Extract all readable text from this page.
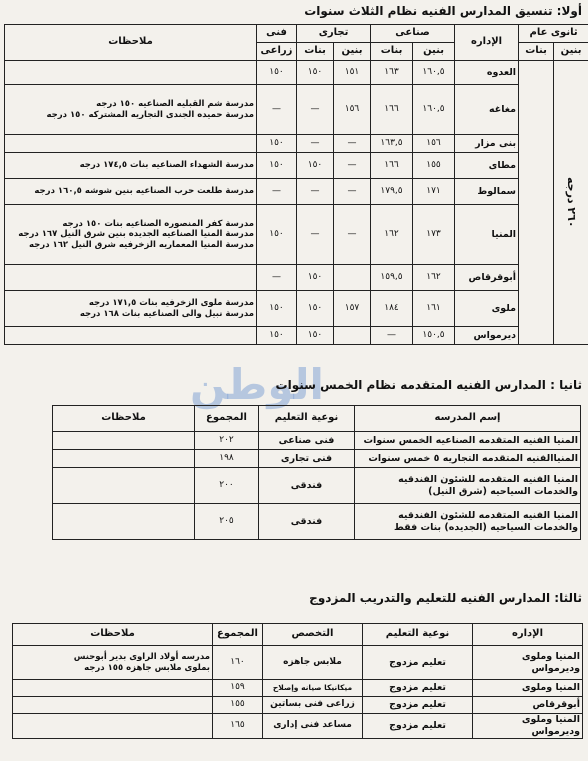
أولا: تنسيق المدارس الفنيه نظام الثلاث سنوات
ثانوى عام		الإداره	صناعى		تجارى		فنى	ملاحظات
بنين	بنات		بنين	بنات	بنين	بنات	زراعى	
٢٦٠ درجه		العدوه	١٦٠,٥	١٦٣	١٥١	١٥٠	١٥٠	
		مغاغه	١٦٠,٥	١٦٦	١٥٦	—	—	مدرسة شم القبليه الصناعيه ١٥٠ درجه
مدرسة حميده الجندى التجاريه المشتركه ١٥٠ درجه
		بنى مزار	١٥٦	١٦٣,٥	—	—	١٥٠	
		مطاى	١٥٥	١٦٦	—	١٥٠	١٥٠	مدرسة الشهداء الصناعيه بنات ١٧٤,٥ درجه
		سمالوط	١٧١	١٧٩,٥	—	—	—	مدرسة طلعت حرب الصناعيه بنين شوشه ١٦٠,٥ درجه
		المنيا	١٧٣	١٦٢	—	—	١٥٠	مدرسة كفر المنصوره الصناعيه بنات ١٥٠ درجه
مدرسة المنيا الصناعيه الجديده بنين شرق النيل ١٦٧ درجه
مدرسة المنيا المعماريه الزخرفيه شرق النيل ١٦٢ درجه
		أبوقرقاص	١٦٢	١٥٩,٥		١٥٠	—	
		ملوى	١٦١	١٨٤	١٥٧	١٥٠	١٥٠	مدرسة ملوى الزخرفيه بنات ١٧١,٥ درجه
مدرسة نبيل والى الصناعيه بنات ١٦٨ درجه
		ديرمواس	١٥٠,٥	—		١٥٠	١٥٠	
الوطن
ثانيا : المدارس الفنيه المتقدمه نظام الخمس سنوات
إسم المدرسه	نوعية التعليم	المجموع	ملاحظات
المنيا الفنيه المتقدمه الصناعيه الخمس سنوات	فنى صناعى	٢٠٢	
المنياالفنيه المتقدمه التجاريه ٥ خمس سنوات	فنى تجارى	١٩٨	
المنيا الفنيه المتقدمه للشئون الفندقيه والخدمات السياحيه (شرق النيل)	فندقى	٢٠٠	
المنيا الفنيه المتقدمه للشئون الفندقيه والخدمات السياحيه (الجديده) بنات فقط	فندقى	٢٠٥	
ثالثا: المدارس الفنيه للتعليم والتدريب المزدوج
الإداره	نوعية التعليم	التخصص	المجموع	ملاحظات
المنيا وملوى وديرمواس	تعليم مزدوج	ملابس جاهزه	١٦٠	مدرسه أولاد الراوى بدير أبوحنس
بملوى ملابس جاهزه ١٥٥ درجه
المنيا وملوى	تعليم مزدوج	ميكانيكا صيانه وإصلاح	١٥٩	
أبوقرقاص	تعليم مزدوج	زراعى فنى بساتين	١٥٥	
المنيا وملوى وديرمواس	تعليم مزدوج	مساعد فنى إدارى	١٦٥	
